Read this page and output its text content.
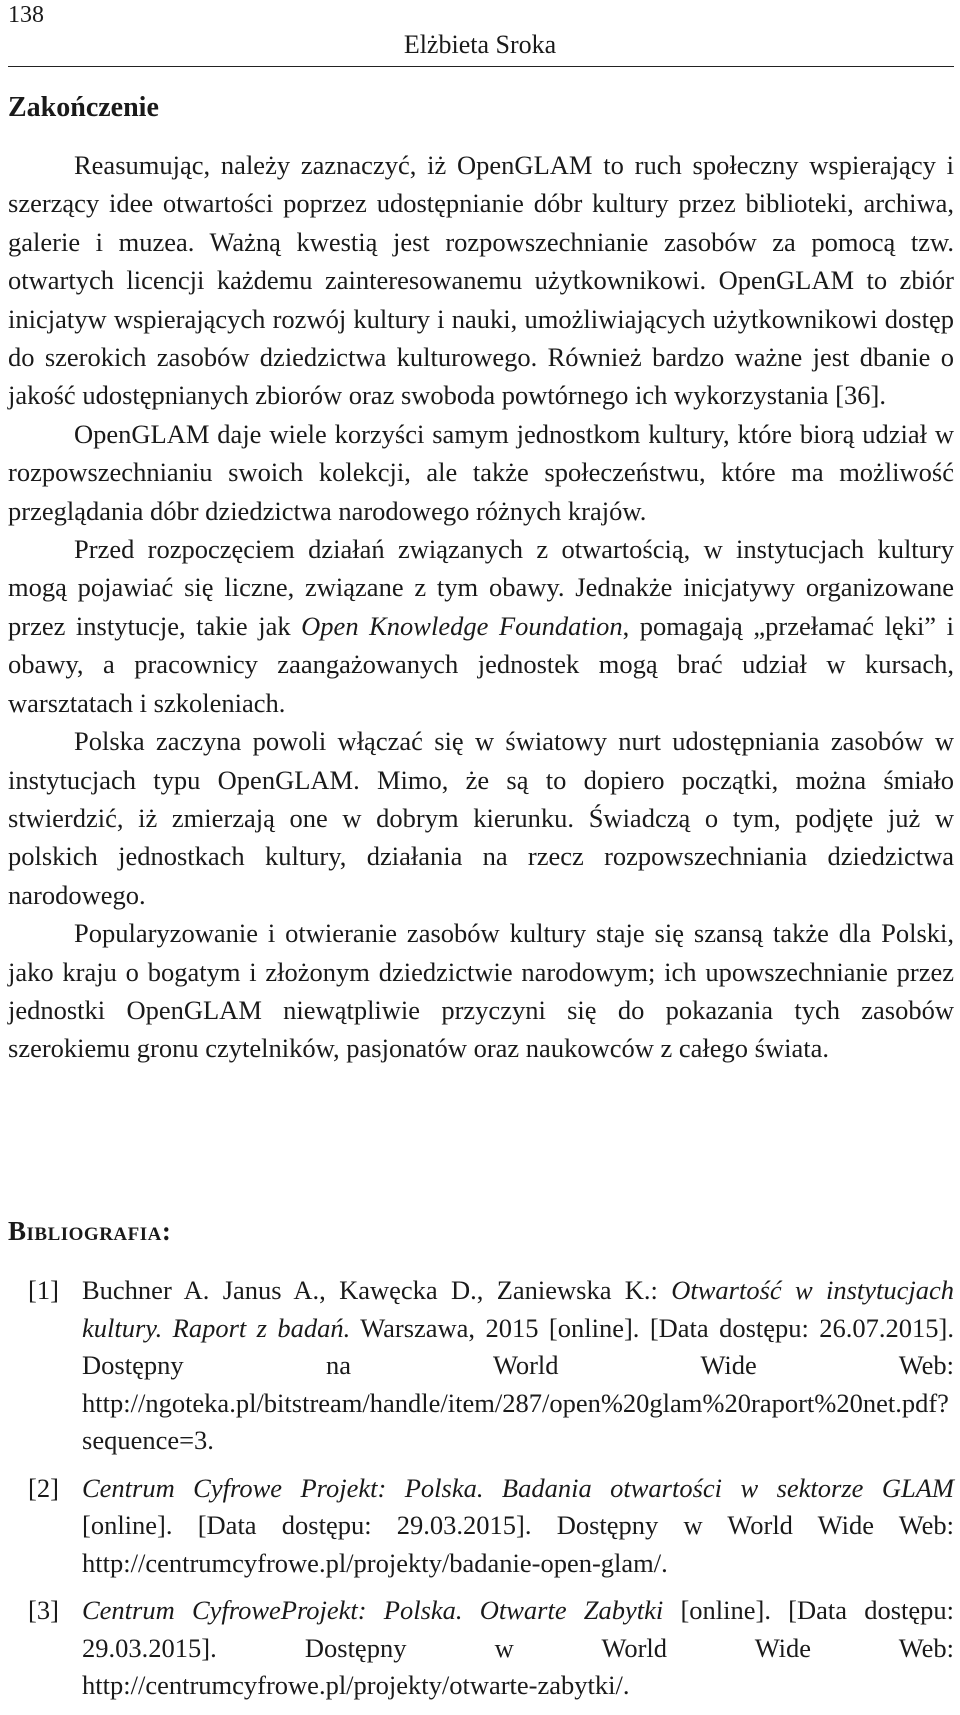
138
Elżbieta Sroka
Zakończenie

Reasumując, należy zaznaczyć, iż OpenGLAM to ruch społeczny wspierający i szerzący idee otwartości poprzez udostępnianie dóbr kultury przez biblioteki, archiwa, galerie i muzea. Ważną kwestią jest rozpowszechnianie zasobów za pomocą tzw. otwartych licencji każdemu zainteresowanemu użytkownikowi. OpenGLAM to zbiór inicjatyw wspierających rozwój kultury i nauki, umożliwiających użytkownikowi dostęp do szerokich zasobów dziedzictwa kulturowego. Również bardzo ważne jest dbanie o jakość udostępnianych zbiorów oraz swoboda powtórnego ich wykorzystania [36].

OpenGLAM daje wiele korzyści samym jednostkom kultury, które biorą udział w rozpowszechnianiu swoich kolekcji, ale także społeczeństwu, które ma możliwość przeglądania dóbr dziedzictwa narodowego różnych krajów.

Przed rozpoczęciem działań związanych z otwartością, w instytucjach kultury mogą pojawiać się liczne, związane z tym obawy. Jednakże inicjatywy organizowane przez instytucje, takie jak Open Knowledge Foundation, pomagają „przełamać lęki” i obawy, a pracownicy zaangażowanych jednostek mogą brać udział w kursach, warsztatach i szkoleniach.

Polska zaczyna powoli włączać się w światowy nurt udostępniania zasobów w instytucjach typu OpenGLAM. Mimo, że są to dopiero początki, można śmiało stwierdzić, iż zmierzają one w dobrym kierunku. Świadczą o tym, podjęte już w polskich jednostkach kultury, działania na rzecz rozpowszechniania dziedzictwa narodowego.

Popularyzowanie i otwieranie zasobów kultury staje się szansą także dla Polski, jako kraju o bogatym i złożonym dziedzictwie narodowym; ich upowszechnianie przez jednostki OpenGLAM niewątpliwie przyczyni się do pokazania tych zasobów szerokiemu gronu czytelników, pasjonatów oraz naukowców z całego świata.

Bibliografia:
[1] Buchner A. Janus A., Kawęcka D., Zaniewska K.: Otwartość w instytucjach kultury. Raport z badań. Warszawa, 2015 [online]. [Data dostępu: 26.07.2015]. Dostępny na World Wide Web: http://ngoteka.pl/bitstream/handle/item/287/open%20glam%20raport%20net.pdf?sequence=3.
[2] Centrum Cyfrowe Projekt: Polska. Badania otwartości w sektorze GLAM [online]. [Data dostępu: 29.03.2015]. Dostępny w World Wide Web: http://centrumcyfrowe.pl/projekty/badanie-open-glam/.
[3] Centrum CyfroweProjekt: Polska. Otwarte Zabytki [online]. [Data dostępu: 29.03.2015]. Dostępny w World Wide Web: http://centrumcyfrowe.pl/projekty/otwarte-zabytki/.
